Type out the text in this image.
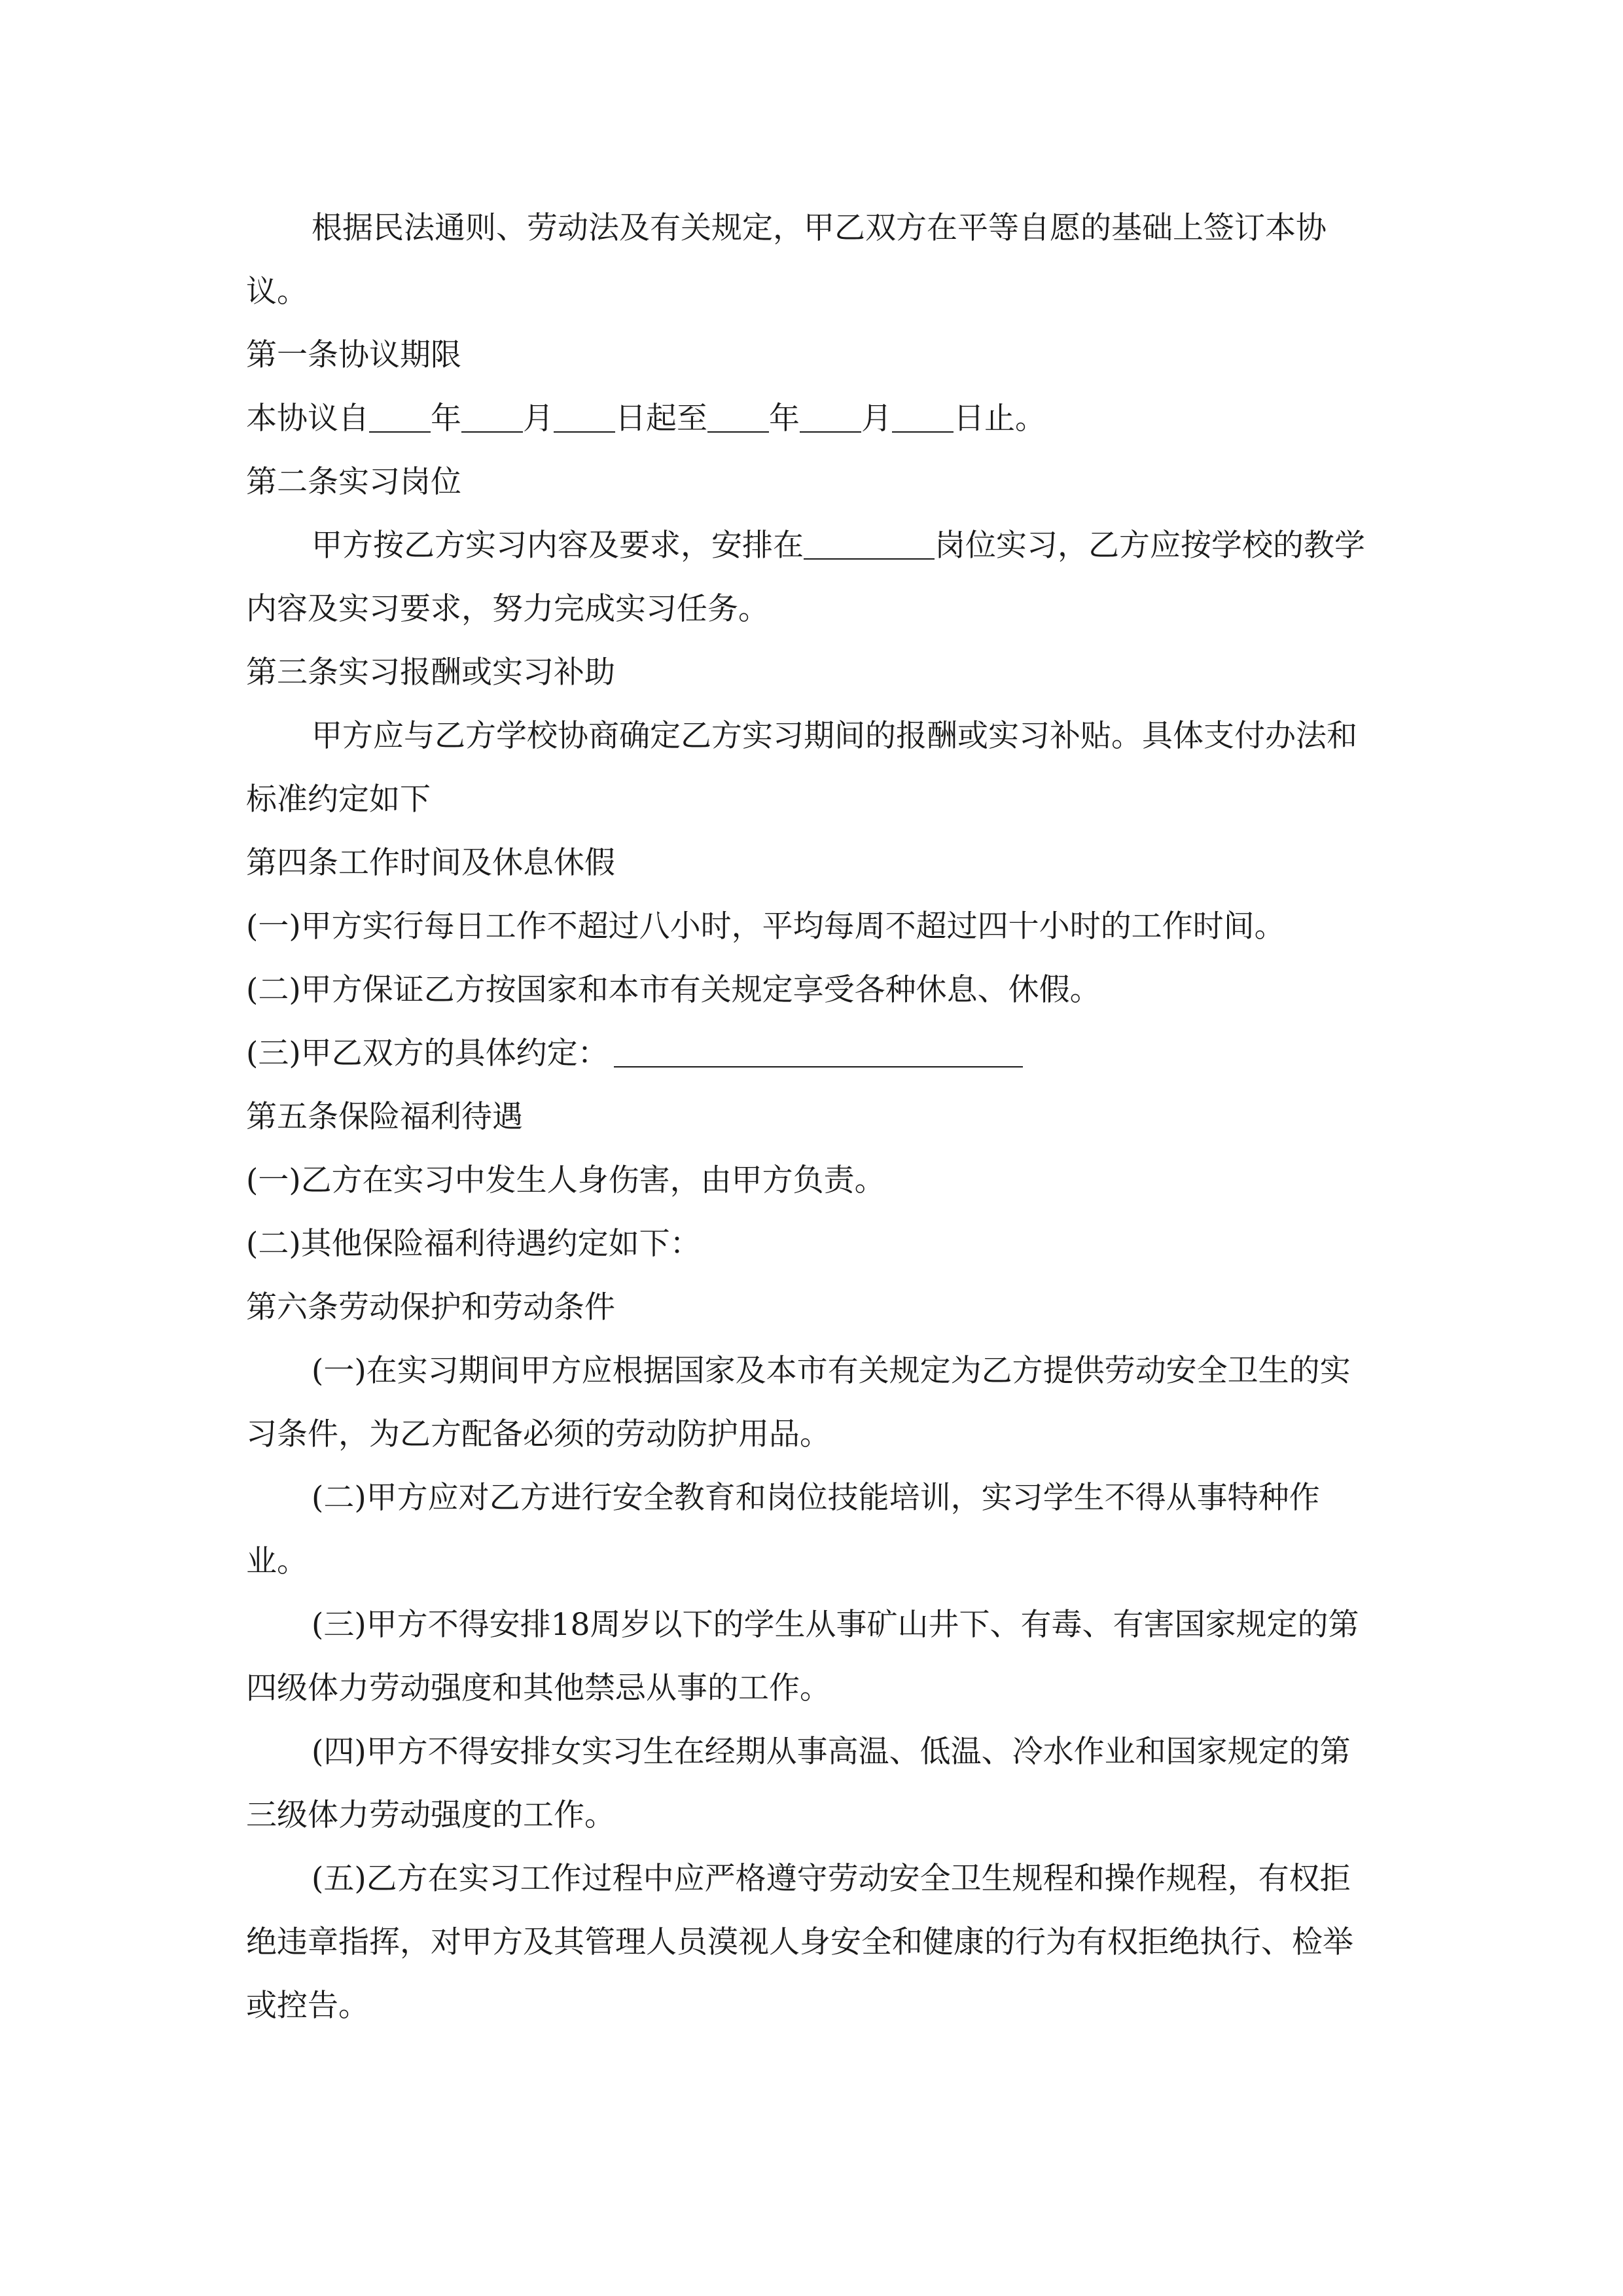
根据民法通则、劳动法及有关规定，甲乙双方在平等自愿的基础上签订本协议。

第一条协议期限

本协议自 年 月 日起至 年 月 日止。

第二条实习岗位

甲方按乙方实习内容及要求，安排在	岗位实习，乙方应按学校的教学内容及实习要求，努力完成实习任务。

第三条实习报酬或实习补助

甲方应与乙方学校协商确定乙方实习期间的报酬或实习补贴。具体支付办法和标准约定如下

第四条工作时间及休息休假

(一)甲方实行每日工作不超过八小时，平均每周不超过四十小时的工作时间。

(二)甲方保证乙方按国家和本市有关规定享受各种休息、休假。

(三)甲乙双方的具体约定：

第五条保险福利待遇

(一)乙方在实习中发生人身伤害，由甲方负责。

(二)其他保险福利待遇约定如下：

第六条劳动保护和劳动条件

(一)在实习期间甲方应根据国家及本市有关规定为乙方提供劳动安全卫生的实习条件，为乙方配备必须的劳动防护用品。

(二)甲方应对乙方进行安全教育和岗位技能培训，实习学生不得从事特种作业。

(三)甲方不得安排18周岁以下的学生从事矿山井下、有毒、有害国家规定的第四级体力劳动强度和其他禁忌从事的工作。

(四)甲方不得安排女实习生在经期从事高温、低温、冷水作业和国家规定的第三级体力劳动强度的工作。

(五)乙方在实习工作过程中应严格遵守劳动安全卫生规程和操作规程，有权拒绝违章指挥，对甲方及其管理人员漠视人身安全和健康的行为有权拒绝执行、检举或控告。
